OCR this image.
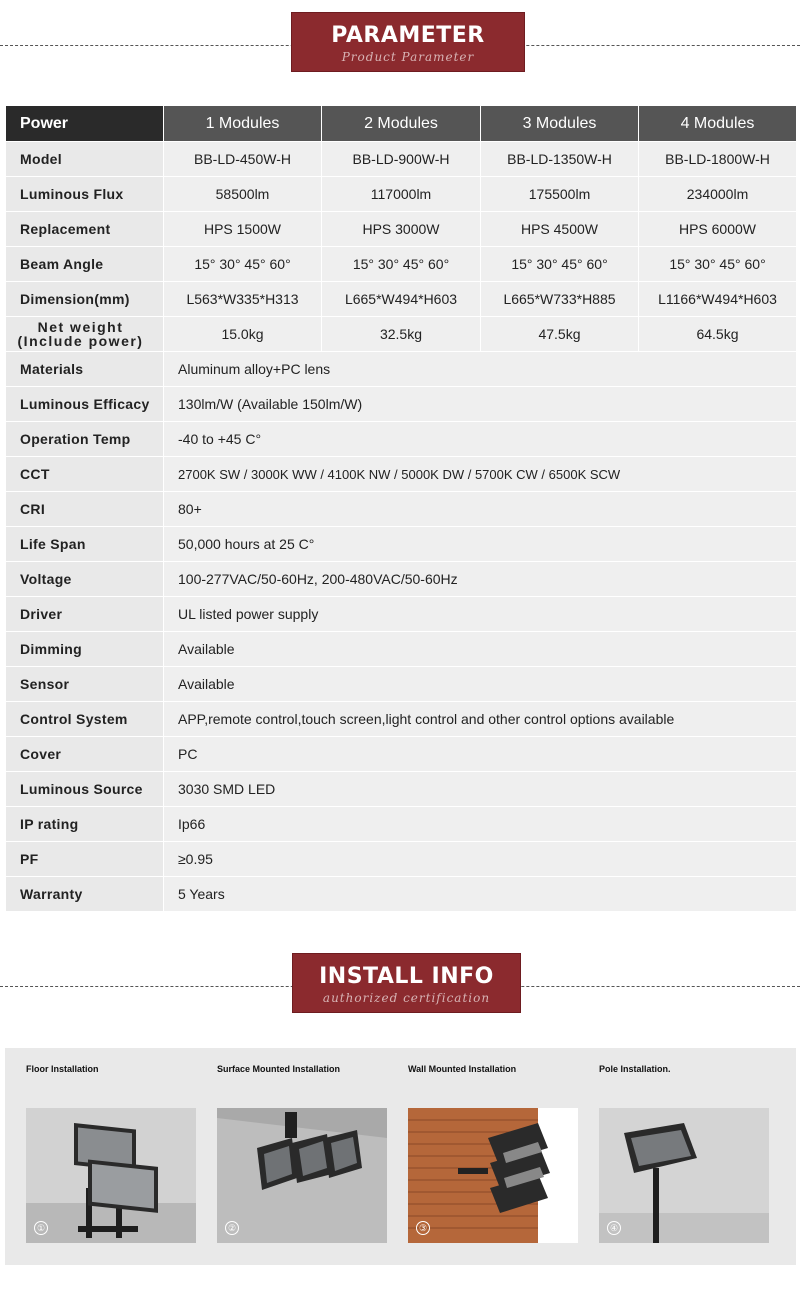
PARAMETER
Product Parameter
Power	1 Modules	2 Modules	3 Modules	4 Modules
Model	BB-LD-450W-H	BB-LD-900W-H	BB-LD-1350W-H	BB-LD-1800W-H
Luminous Flux	58500lm	117000lm	175500lm	234000lm
Replacement	HPS 1500W	HPS 3000W	HPS 4500W	HPS 6000W
Beam Angle	15° 30° 45° 60°	15° 30° 45° 60°	15° 30° 45° 60°	15° 30° 45° 60°
Dimension(mm)	L563*W335*H313	L665*W494*H603	L665*W733*H885	L1166*W494*H603
Net weight
(Include power)	15.0kg	32.5kg	47.5kg	64.5kg
Materials	Aluminum alloy+PC lens			
Luminous Efficacy	130lm/W (Available 150lm/W)			
Operation Temp	-40 to +45 C°			
CCT	2700K SW / 3000K WW / 4100K NW / 5000K DW / 5700K CW / 6500K SCW			
CRI	80+			
Life Span	50,000 hours at 25 C°			
Voltage	100-277VAC/50-60Hz, 200-480VAC/50-60Hz			
Driver	UL listed power supply			
Dimming	Available			
Sensor	Available			
Control System	APP,remote control,touch screen,light control and other control options available			
Cover	PC			
Luminous Source	3030 SMD LED			
IP rating	Ip66			
PF	≥0.95			
Warranty	5 Years			
INSTALL INFO
authorized certification
Floor Installation
①
Surface Mounted Installation
②
Wall Mounted Installation
③
Pole Installation.
④
